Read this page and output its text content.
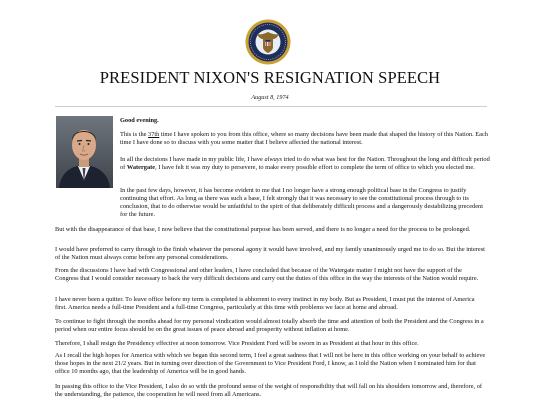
PRESIDENT NIXON'S RESIGNATION SPEECH
August 8, 1974
Good evening.
This is the 37th time I have spoken to you from this office, where so many decisions have been made that shaped the history of this Nation. Each time I have done so to discuss with you some matter that I believe affected the national interest.
In all the decisions I have made in my public life, I have always tried to do what was best for the Nation. Throughout the long and difficult period of Watergate, I have felt it was my duty to persevere, to make every possible effort to complete the term of office to which you elected me.
In the past few days, however, it has become evident to me that I no longer have a strong enough political base in the Congress to justify continuing that effort. As long as there was such a base, I felt strongly that it was necessary to see the constitutional process through to its conclusion, that to do otherwise would be unfaithful to the spirit of that deliberately difficult process and a dangerously destabilizing precedent for the future.
But with the disappearance of that base, I now believe that the constitutional purpose has been served, and there is no longer a need for the process to be prolonged.
I would have preferred to carry through to the finish whatever the personal agony it would have involved, and my family unanimously urged me to do so. But the interest of the Nation must always come before any personal considerations.
From the discussions I have had with Congressional and other leaders, I have concluded that because of the Watergate matter I might not have the support of the Congress that I would consider necessary to back the very difficult decisions and carry out the duties of this office in the way the interests of the Nation would require.
I have never been a quitter. To leave office before my term is completed is abhorrent to every instinct in my body. But as President, I must put the interest of America first. America needs a full-time President and a full-time Congress, particularly at this time with problems we face at home and abroad.
To continue to fight through the months ahead for my personal vindication would almost totally absorb the time and attention of both the President and the Congress in a period when our entire focus should be on the great issues of peace abroad and prosperity without inflation at home.
Therefore, I shall resign the Presidency effective at noon tomorrow. Vice President Ford will be sworn in as President at that hour in this office.
As I recall the high hopes for America with which we began this second term, I feel a great sadness that I will not be here in this office working on your behalf to achieve those hopes in the next 21/2 years. But in turning over direction of the Government to Vice President Ford, I know, as I told the Nation when I nominated him for that office 10 months ago, that the leadership of America will be in good hands.
In passing this office to the Vice President, I also do so with the profound sense of the weight of responsibility that will fall on his shoulders tomorrow and, therefore, of the understanding, the patience, the cooperation he will need from all Americans.
